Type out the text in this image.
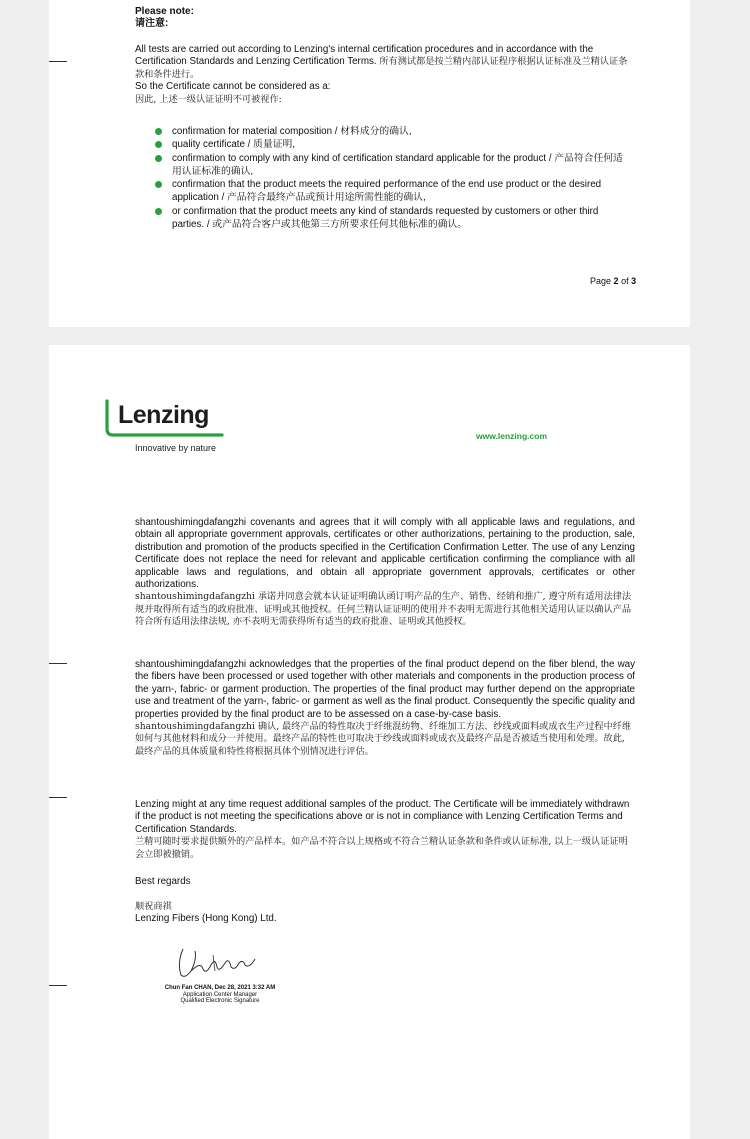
Please note:
请注意:

All tests are carried out according to Lenzing's internal certification procedures and in accordance with the Certification Standards and Lenzing Certification Terms. 所有测试都是按兰精内部认证程序根据认证标准及兰精认证条款和条件进行。

So the Certificate cannot be considered as a:

因此, 上述一级认证证明不可被视作:

confirmation for material composition / 材料成分的确认,
quality certificate / 质量证明,
confirmation to comply with any kind of certification standard applicable for the product / 产品符合任何适用认证标准的确认,
confirmation that the product meets the required performance of the end use product or the desired application / 产品符合最终产品或预计用途所需性能的确认,
or confirmation that the product meets any kind of standards requested by customers or other third parties. / 或产品符合客户或其他第三方所要求任何其他标准的确认。
Page 2 of 3
Lenzing
Innovative by nature
www.lenzing.com

shantoushimingdafangzhi covenants and agrees that it will comply with all applicable laws and regulations, and obtain all appropriate government approvals, certificates or other authorizations, pertaining to the production, sale, distribution and promotion of the products specified in the Certification Confirmation Letter. The use of any Lenzing Certificate does not replace the need for relevant and applicable certification confirming the compliance with all applicable laws and regulations, and obtain all appropriate government approvals, certificates or other authorizations.

shantoushimingdafangzhi 承诺并同意会就本认证证明确认函订明产品的生产、销售、经销和推广, 遵守所有适用法律法规并取得所有适当的政府批准、证明或其他授权。任何兰精认证证明的使用并不表明无需进行其他相关适用认证以确认产品符合所有适用法律法规, 亦不表明无需获得所有适当的政府批准、证明或其他授权。

shantoushimingdafangzhi acknowledges that the properties of the final product depend on the fiber blend, the way the fibers have been processed or used together with other materials and components in the production process of the yarn-, fabric- or garment production. The properties of the final product may further depend on the appropriate use and treatment of the yarn-, fabric- or garment as well as the final product. Consequently the specific quality and properties provided by the final product are to be assessed on a case-by-case basis.

shantoushimingdafangzhi 确认, 最终产品的特性取决于纤维混纺物、纤维加工方法、纱线或面料或成衣生产过程中纤维如何与其他材料和成分一并使用。最终产品的特性也可取决于纱线或面料或成衣及最终产品是否被适当使用和处理。故此, 最终产品的具体质量和特性将根据具体个别情况进行评估。

Lenzing might at any time request additional samples of the product. The Certificate will be immediately withdrawn if the product is not meeting the specifications above or is not in compliance with Lenzing Certification Terms and Certification Standards.

兰精可随时要求提供额外的产品样本。如产品不符合以上规格或不符合兰精认证条款和条件或认证标准, 以上一级认证证明会立即被撤销。

Best regards

顺祝商祺

Lenzing Fibers (Hong Kong) Ltd.

Chun Fan CHAN, Dec 28, 2021 3:32 AM
Application Center Manager
Qualified Electronic Signature
